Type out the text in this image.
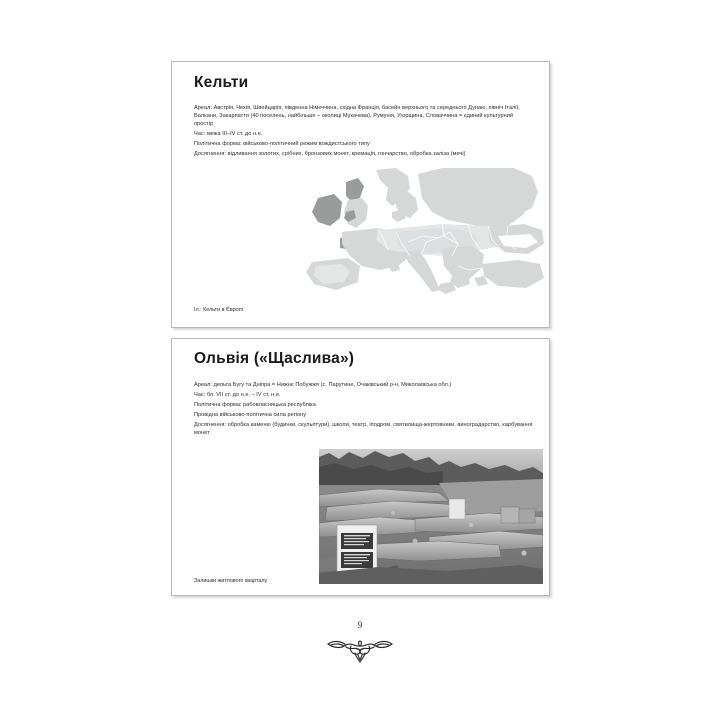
Кельти

Ареал: Австрія, Чехія, Швейцарія, південна Німеччина, східна Франція, басейн верхнього та середнього Дунаю, північ Італії, Балкани, Закарпаття (40 поселень, найбільше – околиці Мукачева), Румунія, Угорщина, Словаччина = єдиний культурний простір

Час: межа III–IV ст. до н.е.

Політична форма: військово-політичний режим вождистського типу

Досягнення: відливання золотих, срібних, бронзових монет, кремація, гончарство, обробка заліза (мечі)

Іл.: Кельти в Європі
Ольвія («Щаслива»)

Ареал: дельта Бугу та Дніпра = Нижнє Побужжя (с. Парутине, Очаківський р-н, Миколаївська обл.)

Час: бл. VII ст. до н.е. – IV ст, н.е.

Політична форма: рабовласницька республіка

Провідна військово-політична сила регіону

Досягнення: обробка каменю (будинки, скульптури), школи, театр, іподром, святилища-жертовники, виноградарство, карбування монет

Залишки житлового кварталу
9
